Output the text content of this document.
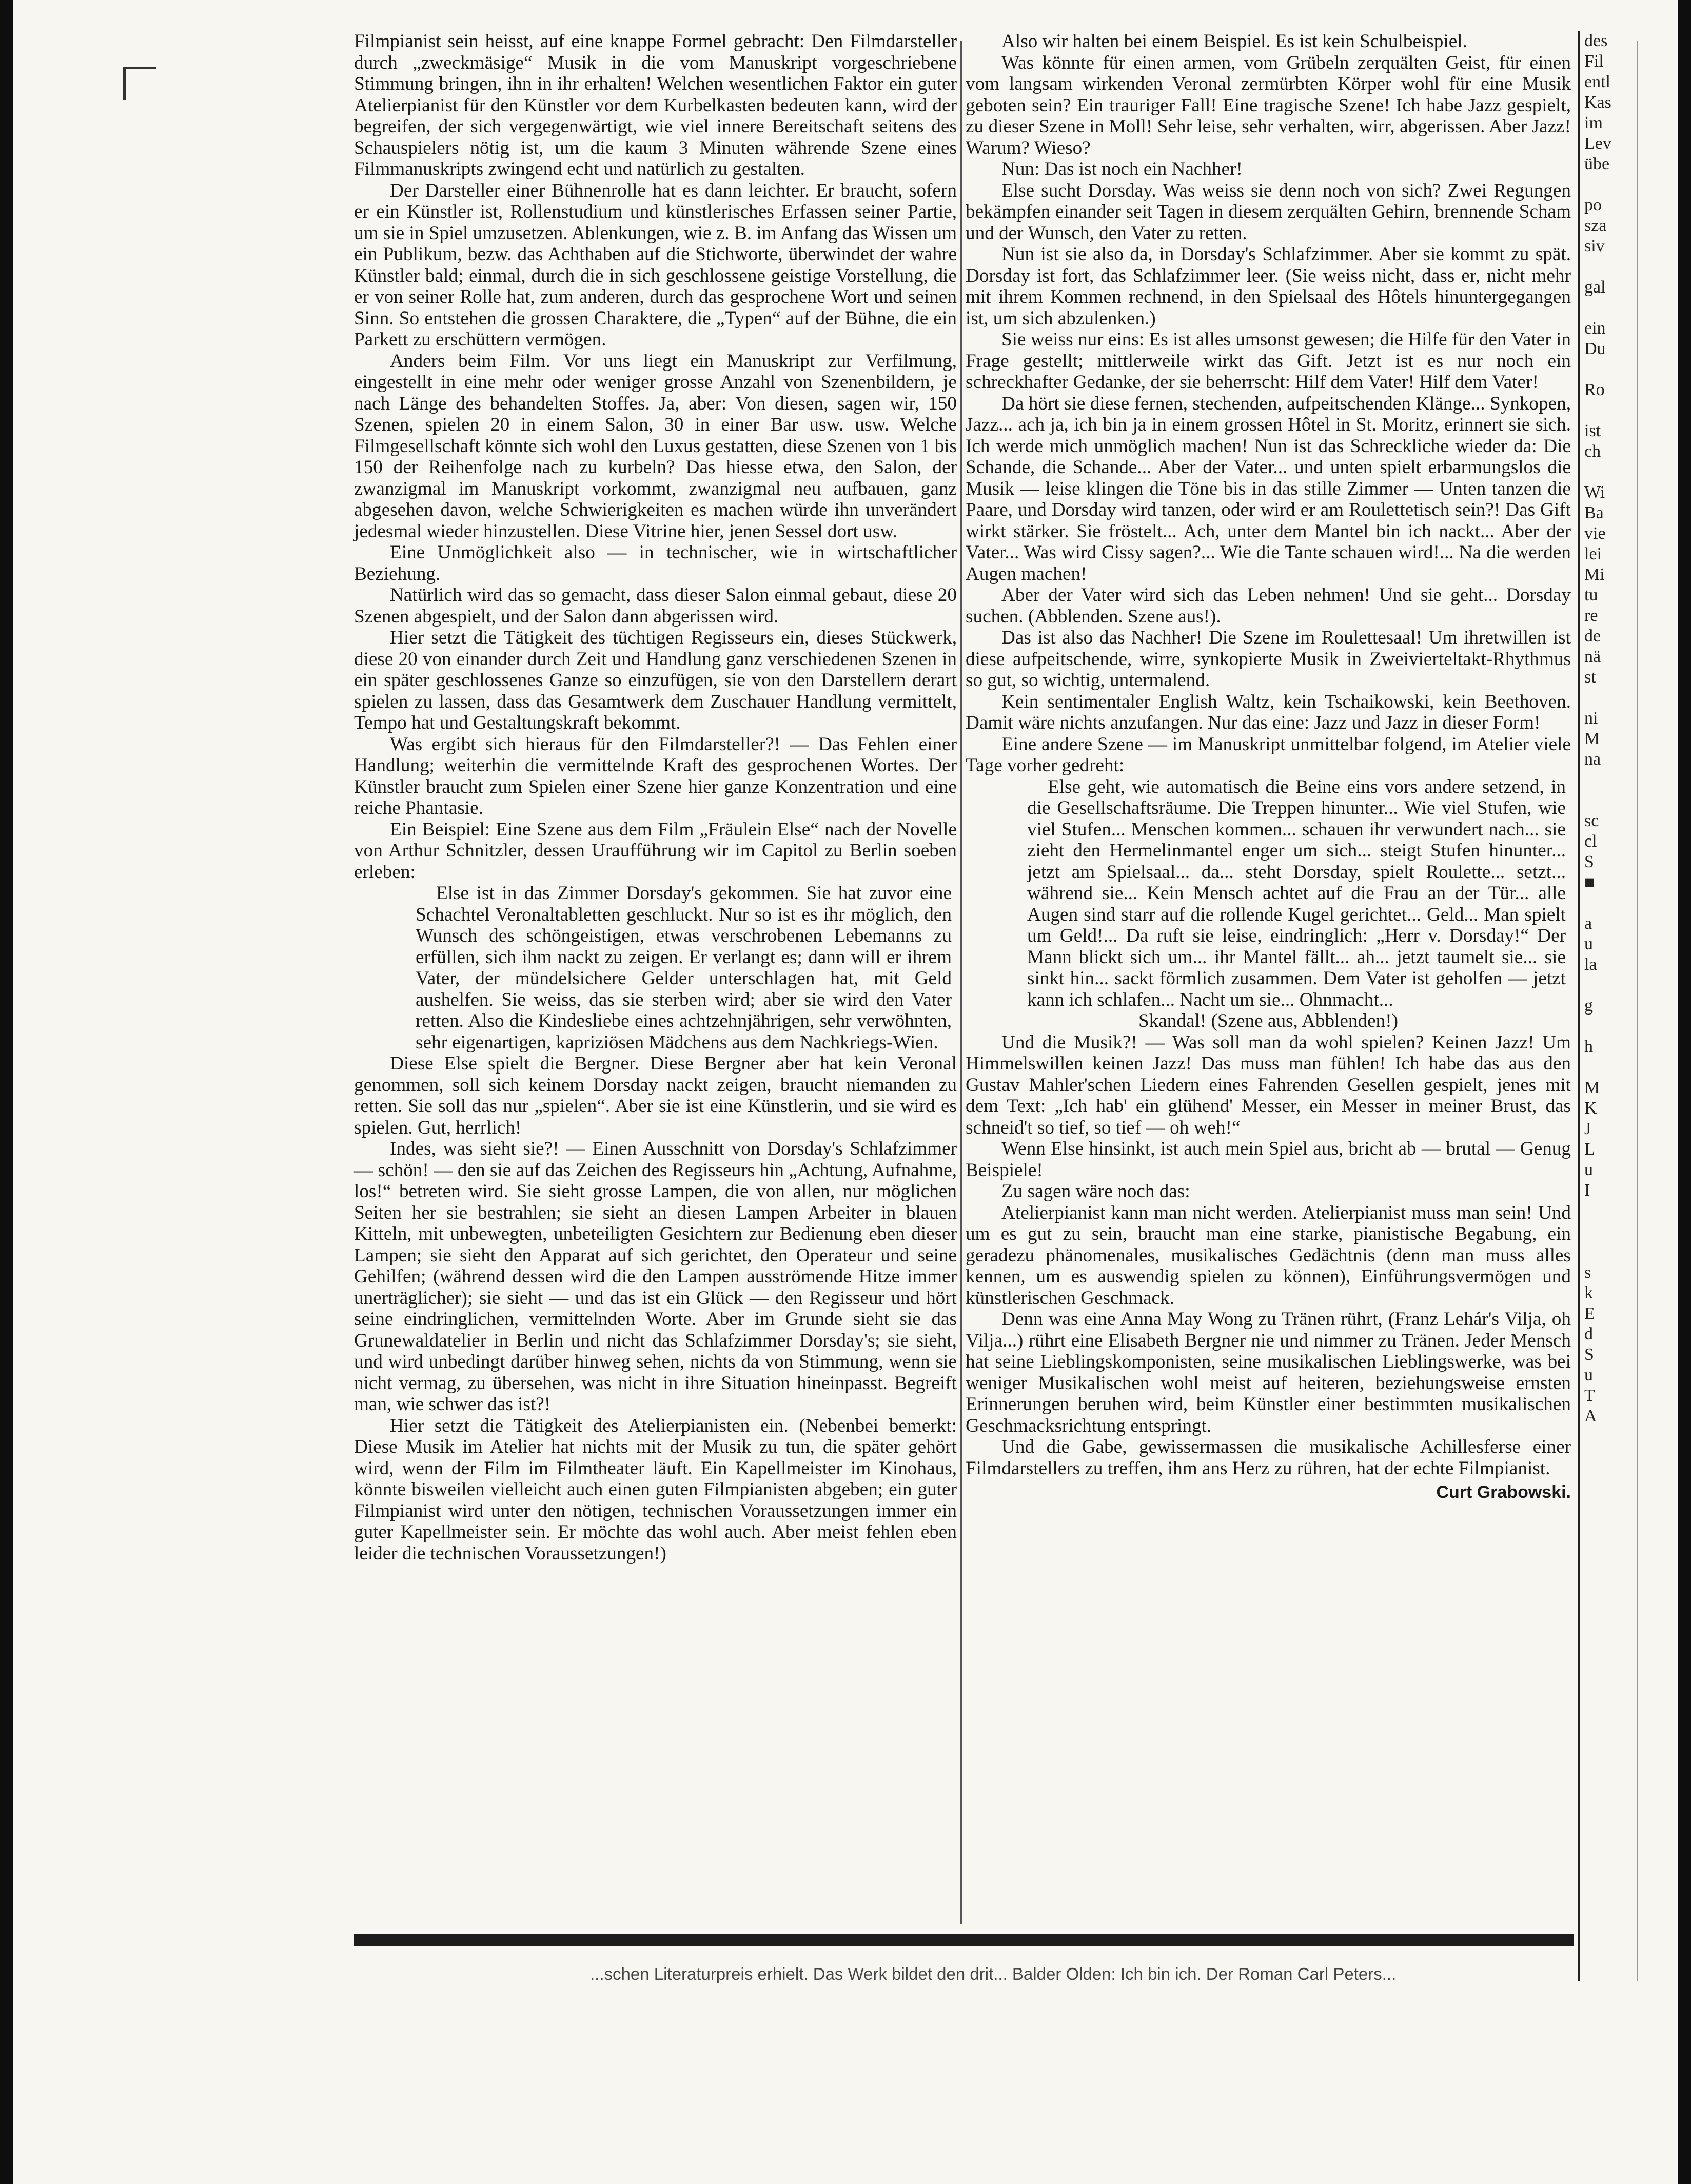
Filmpianist sein heisst, auf eine knappe Formel gebracht: Den Filmdarsteller durch „zweckmäsige“ Musik in die vom Manuskript vorgeschriebene Stimmung bringen, ihn in ihr erhalten! Welchen wesentlichen Faktor ein guter Atelierpianist für den Künstler vor dem Kurbelkasten bedeuten kann, wird der begreifen, der sich vergegenwärtigt, wie viel innere Bereitschaft seitens des Schauspielers nötig ist, um die kaum 3 Minuten währende Szene eines Filmmanuskripts zwingend echt und natürlich zu gestalten.

Der Darsteller einer Bühnenrolle hat es dann leichter. Er braucht, sofern er ein Künstler ist, Rollenstudium und künstlerisches Erfassen seiner Partie, um sie in Spiel umzusetzen. Ablenkungen, wie z. B. im Anfang das Wissen um ein Publikum, bezw. das Achthaben auf die Stichworte, überwindet der wahre Künstler bald; einmal, durch die in sich geschlossene geistige Vorstellung, die er von seiner Rolle hat, zum anderen, durch das gesprochene Wort und seinen Sinn. So entstehen die grossen Charaktere, die „Typen“ auf der Bühne, die ein Parkett zu erschüttern vermögen.

Anders beim Film. Vor uns liegt ein Manuskript zur Verfilmung, eingestellt in eine mehr oder weniger grosse Anzahl von Szenenbildern, je nach Länge des behandelten Stoffes. Ja, aber: Von diesen, sagen wir, 150 Szenen, spielen 20 in einem Salon, 30 in einer Bar usw. usw. Welche Filmgesellschaft könnte sich wohl den Luxus gestatten, diese Szenen von 1 bis 150 der Reihenfolge nach zu kurbeln? Das hiesse etwa, den Salon, der zwanzigmal im Manuskript vorkommt, zwanzigmal neu aufbauen, ganz abgesehen davon, welche Schwierigkeiten es machen würde ihn unverändert jedesmal wieder hinzustellen. Diese Vitrine hier, jenen Sessel dort usw.

Eine Unmöglichkeit also — in technischer, wie in wirtschaftlicher Beziehung.

Natürlich wird das so gemacht, dass dieser Salon einmal gebaut, diese 20 Szenen abgespielt, und der Salon dann abgerissen wird.

Hier setzt die Tätigkeit des tüchtigen Regisseurs ein, dieses Stückwerk, diese 20 von einander durch Zeit und Handlung ganz verschiedenen Szenen in ein später geschlossenes Ganze so einzufügen, sie von den Darstellern derart spielen zu lassen, dass das Gesamtwerk dem Zuschauer Handlung vermittelt, Tempo hat und Gestaltungskraft bekommt.

Was ergibt sich hieraus für den Filmdarsteller?! — Das Fehlen einer Handlung; weiterhin die vermittelnde Kraft des gesprochenen Wortes. Der Künstler braucht zum Spielen einer Szene hier ganze Konzentration und eine reiche Phantasie.

Ein Beispiel: Eine Szene aus dem Film „Fräulein Else“ nach der Novelle von Arthur Schnitzler, dessen Uraufführung wir im Capitol zu Berlin soeben erleben:

Else ist in das Zimmer Dorsday's gekommen. Sie hat zuvor eine Schachtel Veronaltabletten geschluckt. Nur so ist es ihr möglich, den Wunsch des schöngeistigen, etwas verschrobenen Lebemanns zu erfüllen, sich ihm nackt zu zeigen. Er verlangt es; dann will er ihrem Vater, der mündelsichere Gelder unterschlagen hat, mit Geld aushelfen. Sie weiss, das sie sterben wird; aber sie wird den Vater retten. Also die Kindesliebe eines achtzehnjährigen, sehr verwöhnten, sehr eigenartigen, kapriziösen Mädchens aus dem Nachkriegs-Wien.

Diese Else spielt die Bergner. Diese Bergner aber hat kein Veronal genommen, soll sich keinem Dorsday nackt zeigen, braucht niemanden zu retten. Sie soll das nur „spielen“. Aber sie ist eine Künstlerin, und sie wird es spielen. Gut, herrlich!

Indes, was sieht sie?! — Einen Ausschnitt von Dorsday's Schlafzimmer — schön! — den sie auf das Zeichen des Regisseurs hin „Achtung, Aufnahme, los!“ betreten wird. Sie sieht grosse Lampen, die von allen, nur möglichen Seiten her sie bestrahlen; sie sieht an diesen Lampen Arbeiter in blauen Kitteln, mit unbewegten, unbeteiligten Gesichtern zur Bedienung eben dieser Lampen; sie sieht den Apparat auf sich gerichtet, den Operateur und seine Gehilfen; (während dessen wird die den Lampen ausströmende Hitze immer unerträglicher); sie sieht — und das ist ein Glück — den Regisseur und hört seine eindringlichen, vermittelnden Worte. Aber im Grunde sieht sie das Grunewaldatelier in Berlin und nicht das Schlafzimmer Dorsday's; sie sieht, und wird unbedingt darüber hinweg sehen, nichts da von Stimmung, wenn sie nicht vermag, zu übersehen, was nicht in ihre Situation hineinpasst. Begreift man, wie schwer das ist?!

Hier setzt die Tätigkeit des Atelierpianisten ein. (Nebenbei bemerkt: Diese Musik im Atelier hat nichts mit der Musik zu tun, die später gehört wird, wenn der Film im Filmtheater läuft. Ein Kapellmeister im Kinohaus, könnte bisweilen vielleicht auch einen guten Filmpianisten abgeben; ein guter Filmpianist wird unter den nötigen, technischen Voraussetzungen immer ein guter Kapellmeister sein. Er möchte das wohl auch. Aber meist fehlen eben leider die technischen Voraussetzungen!)

Also wir halten bei einem Beispiel. Es ist kein Schulbeispiel.

Was könnte für einen armen, vom Grübeln zerquälten Geist, für einen vom langsam wirkenden Veronal zermürbten Körper wohl für eine Musik geboten sein? Ein trauriger Fall! Eine tragische Szene! Ich habe Jazz gespielt, zu dieser Szene in Moll! Sehr leise, sehr verhalten, wirr, abgerissen. Aber Jazz! Warum? Wieso?

Nun: Das ist noch ein Nachher!

Else sucht Dorsday. Was weiss sie denn noch von sich? Zwei Regungen bekämpfen einander seit Tagen in diesem zerquälten Gehirn, brennende Scham und der Wunsch, den Vater zu retten.

Nun ist sie also da, in Dorsday's Schlafzimmer. Aber sie kommt zu spät. Dorsday ist fort, das Schlafzimmer leer. (Sie weiss nicht, dass er, nicht mehr mit ihrem Kommen rechnend, in den Spielsaal des Hôtels hinuntergegangen ist, um sich abzulenken.)

Sie weiss nur eins: Es ist alles umsonst gewesen; die Hilfe für den Vater in Frage gestellt; mittlerweile wirkt das Gift. Jetzt ist es nur noch ein schreckhafter Gedanke, der sie beherrscht: Hilf dem Vater! Hilf dem Vater!

Da hört sie diese fernen, stechenden, aufpeitschenden Klänge... Synkopen, Jazz... ach ja, ich bin ja in einem grossen Hôtel in St. Moritz, erinnert sie sich. Ich werde mich unmöglich machen! Nun ist das Schreckliche wieder da: Die Schande, die Schande... Aber der Vater... und unten spielt erbarmungslos die Musik — leise klingen die Töne bis in das stille Zimmer — Unten tanzen die Paare, und Dorsday wird tanzen, oder wird er am Roulettetisch sein?! Das Gift wirkt stärker. Sie fröstelt... Ach, unter dem Mantel bin ich nackt... Aber der Vater... Was wird Cissy sagen?... Wie die Tante schauen wird!... Na die werden Augen machen!

Aber der Vater wird sich das Leben nehmen! Und sie geht... Dorsday suchen. (Abblenden. Szene aus!).

Das ist also das Nachher! Die Szene im Roulettesaal! Um ihretwillen ist diese aufpeitschende, wirre, synkopierte Musik in Zweivierteltakt-Rhythmus so gut, so wichtig, untermalend.

Kein sentimentaler English Waltz, kein Tschaikowski, kein Beethoven. Damit wäre nichts anzufangen. Nur das eine: Jazz und Jazz in dieser Form!

Eine andere Szene — im Manuskript unmittelbar folgend, im Atelier viele Tage vorher gedreht:

Else geht, wie automatisch die Beine eins vors andere setzend, in die Gesellschaftsräume. Die Treppen hinunter... Wie viel Stufen, wie viel Stufen... Menschen kommen... schauen ihr verwundert nach... sie zieht den Hermelinmantel enger um sich... steigt Stufen hinunter... jetzt am Spielsaal... da... steht Dorsday, spielt Roulette... setzt... während sie... Kein Mensch achtet auf die Frau an der Tür... alle Augen sind starr auf die rollende Kugel gerichtet... Geld... Man spielt um Geld!... Da ruft sie leise, eindringlich: „Herr v. Dorsday!“ Der Mann blickt sich um... ihr Mantel fällt... ah... jetzt taumelt sie... sie sinkt hin... sackt förmlich zusammen. Dem Vater ist geholfen — jetzt kann ich schlafen... Nacht um sie... Ohnmacht...

Skandal! (Szene aus, Abblenden!)

Und die Musik?! — Was soll man da wohl spielen? Keinen Jazz! Um Himmelswillen keinen Jazz! Das muss man fühlen! Ich habe das aus den Gustav Mahler'schen Liedern eines Fahrenden Gesellen gespielt, jenes mit dem Text: „Ich hab' ein glühend' Messer, ein Messer in meiner Brust, das schneid't so tief, so tief — oh weh!“

Wenn Else hinsinkt, ist auch mein Spiel aus, bricht ab — brutal — Genug Beispiele!

Zu sagen wäre noch das:

Atelierpianist kann man nicht werden. Atelierpianist muss man sein! Und um es gut zu sein, braucht man eine starke, pianistische Begabung, ein geradezu phänomenales, musikalisches Gedächtnis (denn man muss alles kennen, um es auswendig spielen zu können), Einführungsvermögen und künstlerischen Geschmack.

Denn was eine Anna May Wong zu Tränen rührt, (Franz Lehár's Vilja, oh Vilja...) rührt eine Elisabeth Bergner nie und nimmer zu Tränen. Jeder Mensch hat seine Lieblingskomponisten, seine musikalischen Lieblingswerke, was bei weniger Musikalischen wohl meist auf heiteren, beziehungsweise ernsten Erinnerungen beruhen wird, beim Künstler einer bestimmten musikalischen Geschmacksrichtung entspringt.

Und die Gabe, gewissermassen die musikalische Achillesferse einer Filmdarstellers zu treffen, ihm ans Herz zu rühren, hat der echte Filmpianist.

Curt Grabowski.

...schen Literaturpreis erhielt. Das Werk bildet den drit... Balder Olden: Ich bin ich. Der Roman Carl Peters...
des
Fil
entl
Kas
im
Lev
übe
po
sza
siv
gal
ein
Du
Ro
ist
ch
Wi
Ba
vie
lei
Mi
tu
re
de
nä
st
ni
M
na
sc
cl
S
■
a
u
la
g
h
M
K
J
L
u
I
s
k
E
d
S
u
T
A
